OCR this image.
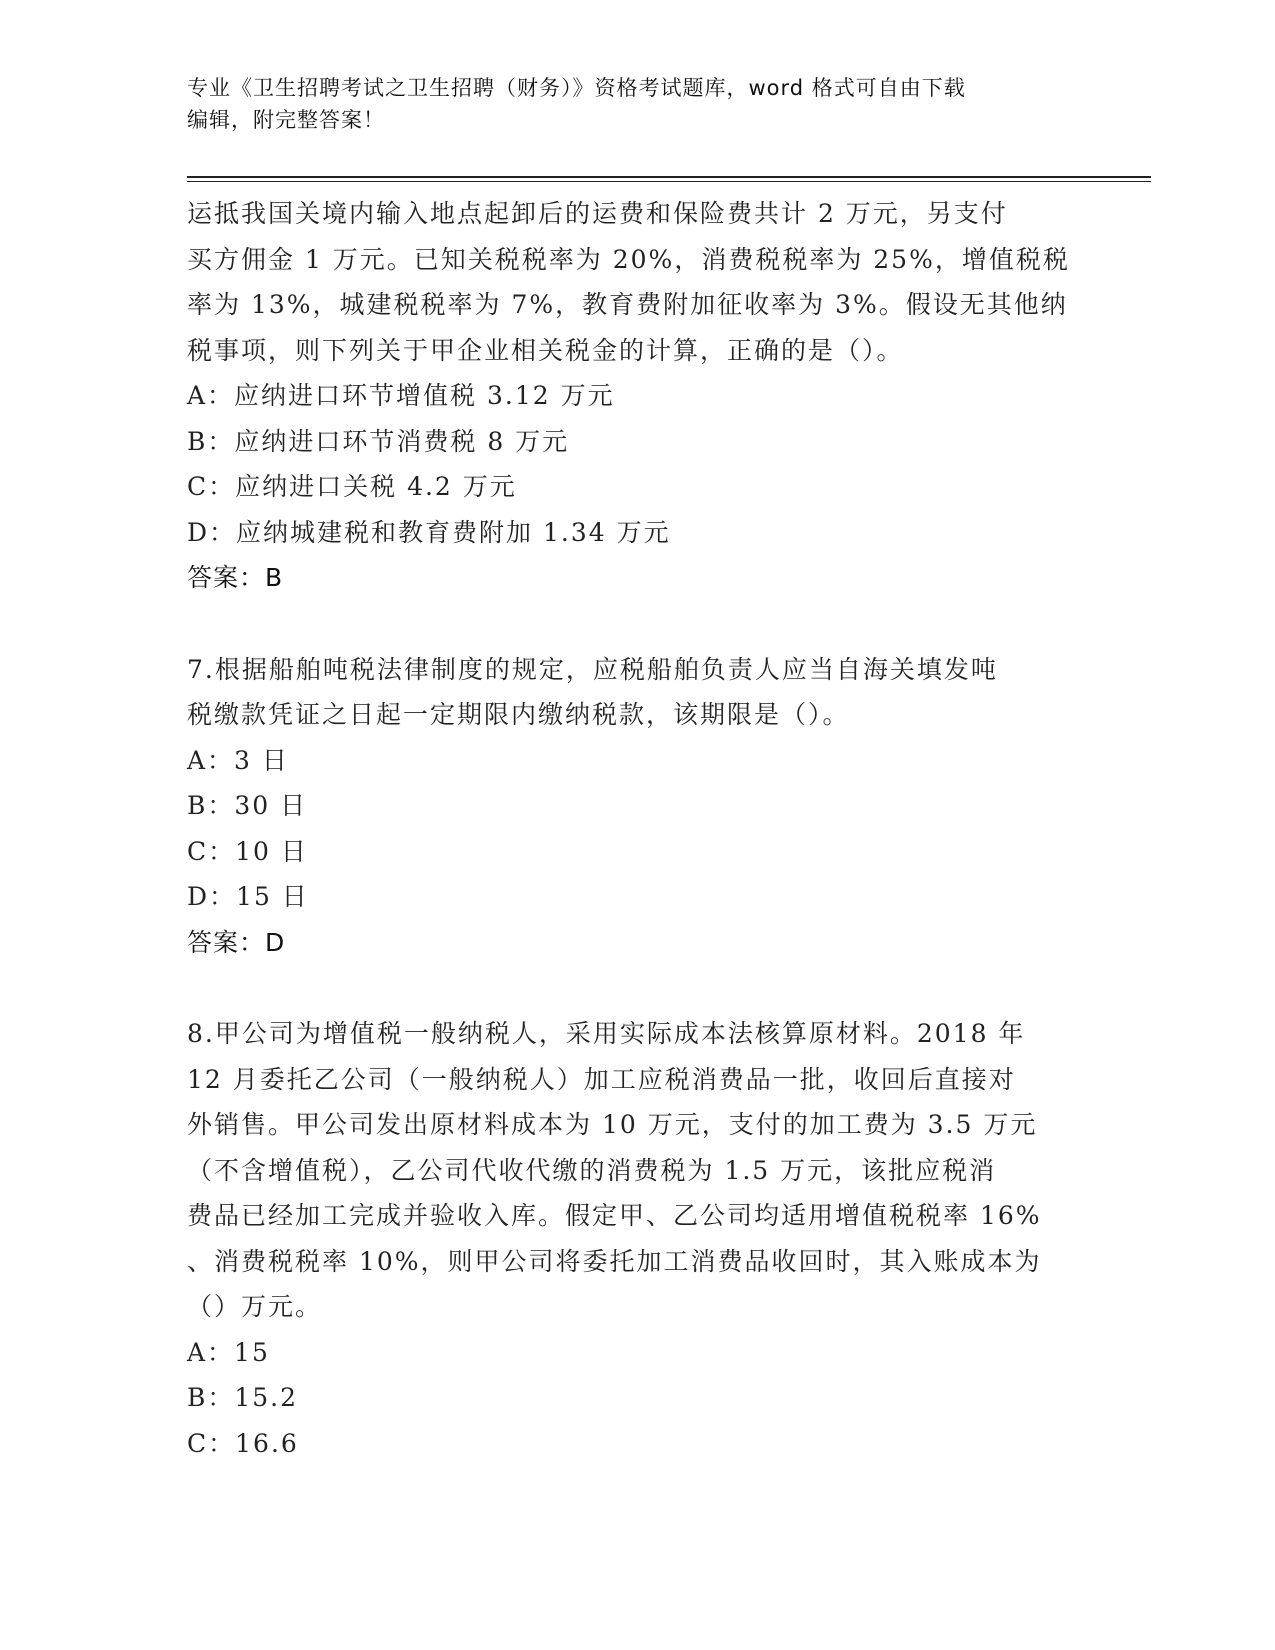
专业《卫生招聘考试之卫生招聘（财务）》资格考试题库，word 格式可自由下载
编辑，附完整答案！
运抵我国关境内输入地点起卸后的运费和保险费共计 2 万元，另支付
买方佣金 1 万元。已知关税税率为 20%，消费税税率为 25%，增值税税
率为 13%，城建税税率为 7%，教育费附加征收率为 3%。假设无其他纳
税事项，则下列关于甲企业相关税金的计算，正确的是（）。
A：应纳进口环节增值税 3.12 万元
B：应纳进口环节消费税 8 万元
C：应纳进口关税 4.2 万元
D：应纳城建税和教育费附加 1.34 万元
答案：B
7.根据船舶吨税法律制度的规定，应税船舶负责人应当自海关填发吨
税缴款凭证之日起一定期限内缴纳税款，该期限是（）。
A：3 日
B：30 日
C：10 日
D：15 日
答案：D
8.甲公司为增值税一般纳税人，采用实际成本法核算原材料。2018 年
12 月委托乙公司（一般纳税人）加工应税消费品一批，收回后直接对
外销售。甲公司发出原材料成本为 10 万元，支付的加工费为 3.5 万元
（不含增值税），乙公司代收代缴的消费税为 1.5 万元，该批应税消
费品已经加工完成并验收入库。假定甲、乙公司均适用增值税税率 16%
、消费税税率 10%，则甲公司将委托加工消费品收回时，其入账成本为
（）万元。
A：15
B：15.2
C：16.6
